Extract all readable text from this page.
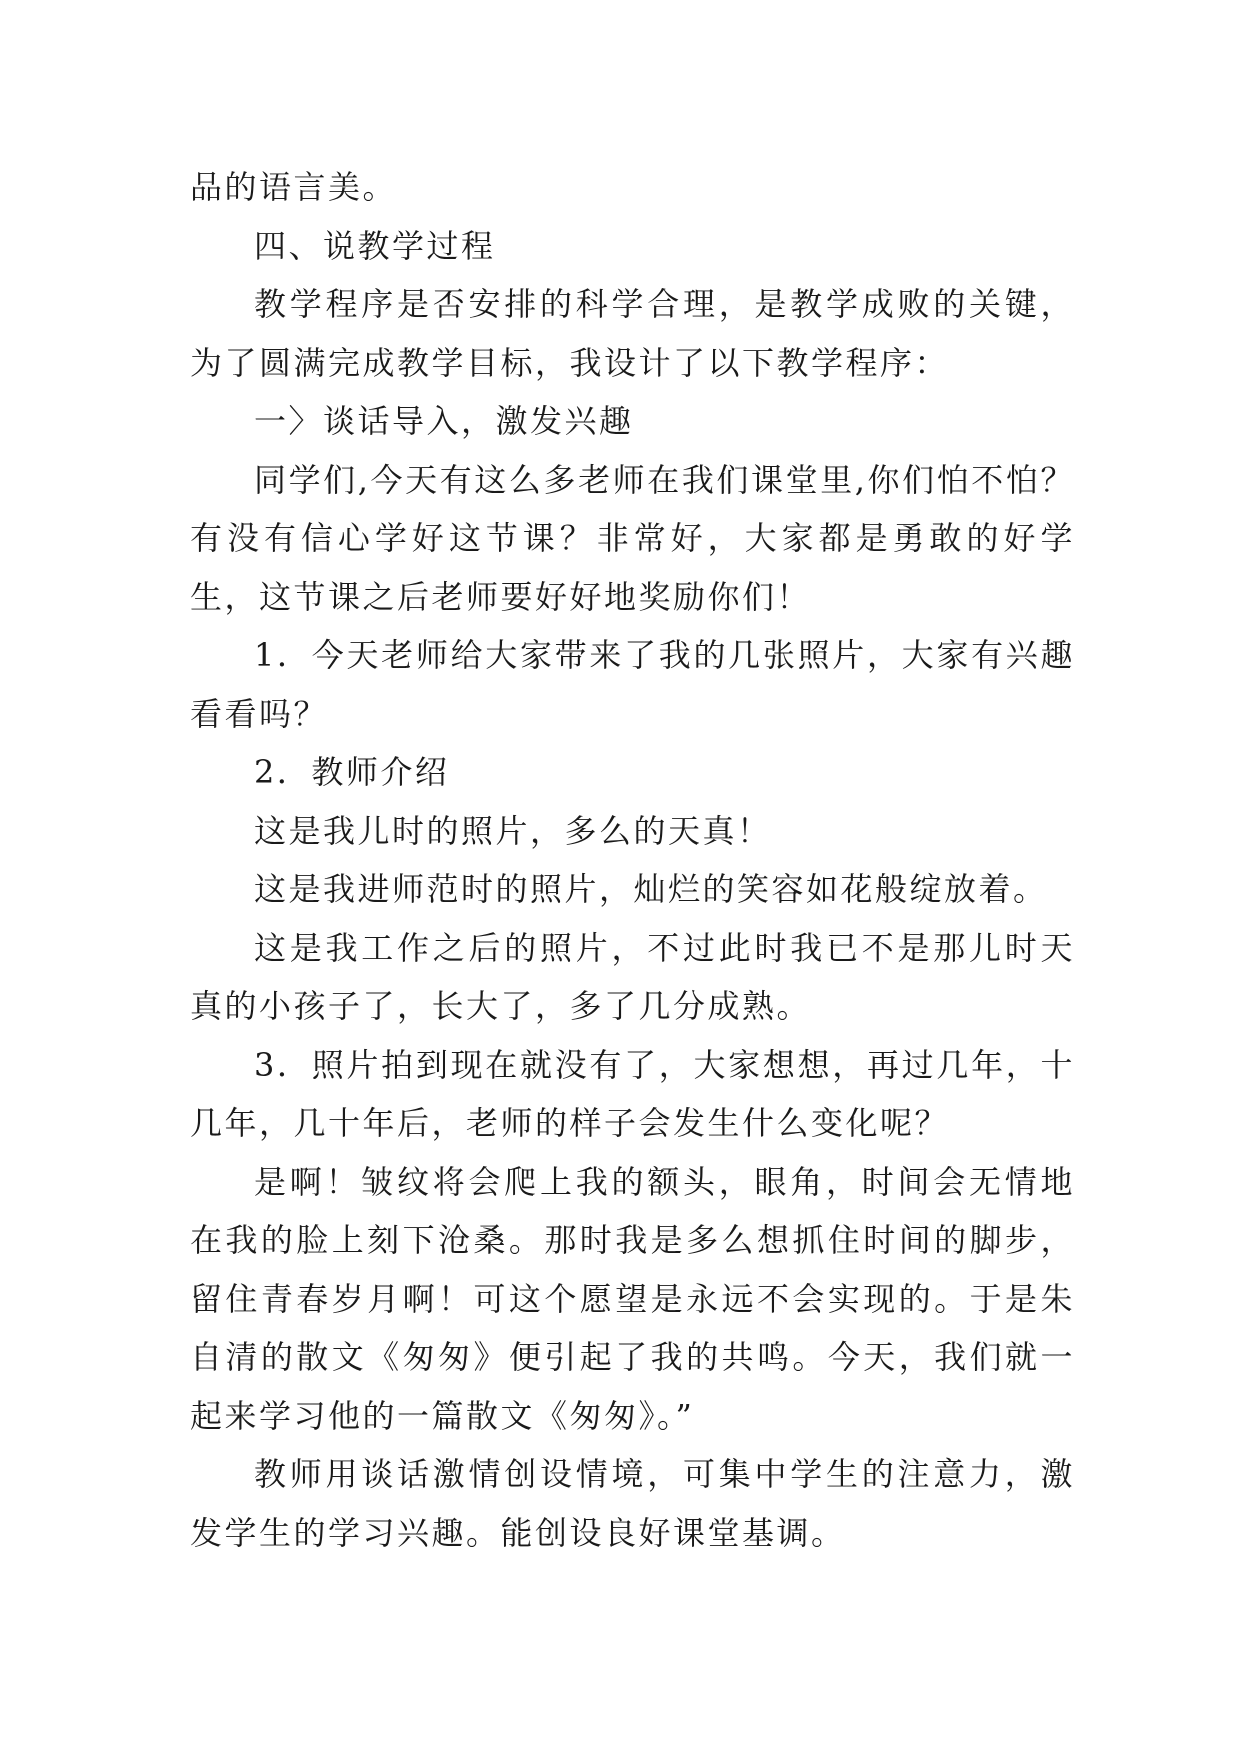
品的语言美。

四、说教学过程

教学程序是否安排的科学合理，是教学成败的关键，为了圆满完成教学目标，我设计了以下教学程序：

一〉谈话导入，激发兴趣

同学们,今天有这么多老师在我们课堂里,你们怕不怕？有没有信心学好这节课？非常好，大家都是勇敢的好学生，这节课之后老师要好好地奖励你们！

1．今天老师给大家带来了我的几张照片，大家有兴趣看看吗？

2．教师介绍

这是我儿时的照片，多么的天真！

这是我进师范时的照片，灿烂的笑容如花般绽放着。

这是我工作之后的照片，不过此时我已不是那儿时天真的小孩子了，长大了，多了几分成熟。

3．照片拍到现在就没有了，大家想想，再过几年，十几年，几十年后，老师的样子会发生什么变化呢？

是啊！皱纹将会爬上我的额头，眼角，时间会无情地在我的脸上刻下沧桑。那时我是多么想抓住时间的脚步，留住青春岁月啊！可这个愿望是永远不会实现的。于是朱自清的散文《匆匆》便引起了我的共鸣。今天，我们就一起来学习他的一篇散文《匆匆》。”

教师用谈话激情创设情境，可集中学生的注意力，激发学生的学习兴趣。能创设良好课堂基调。
